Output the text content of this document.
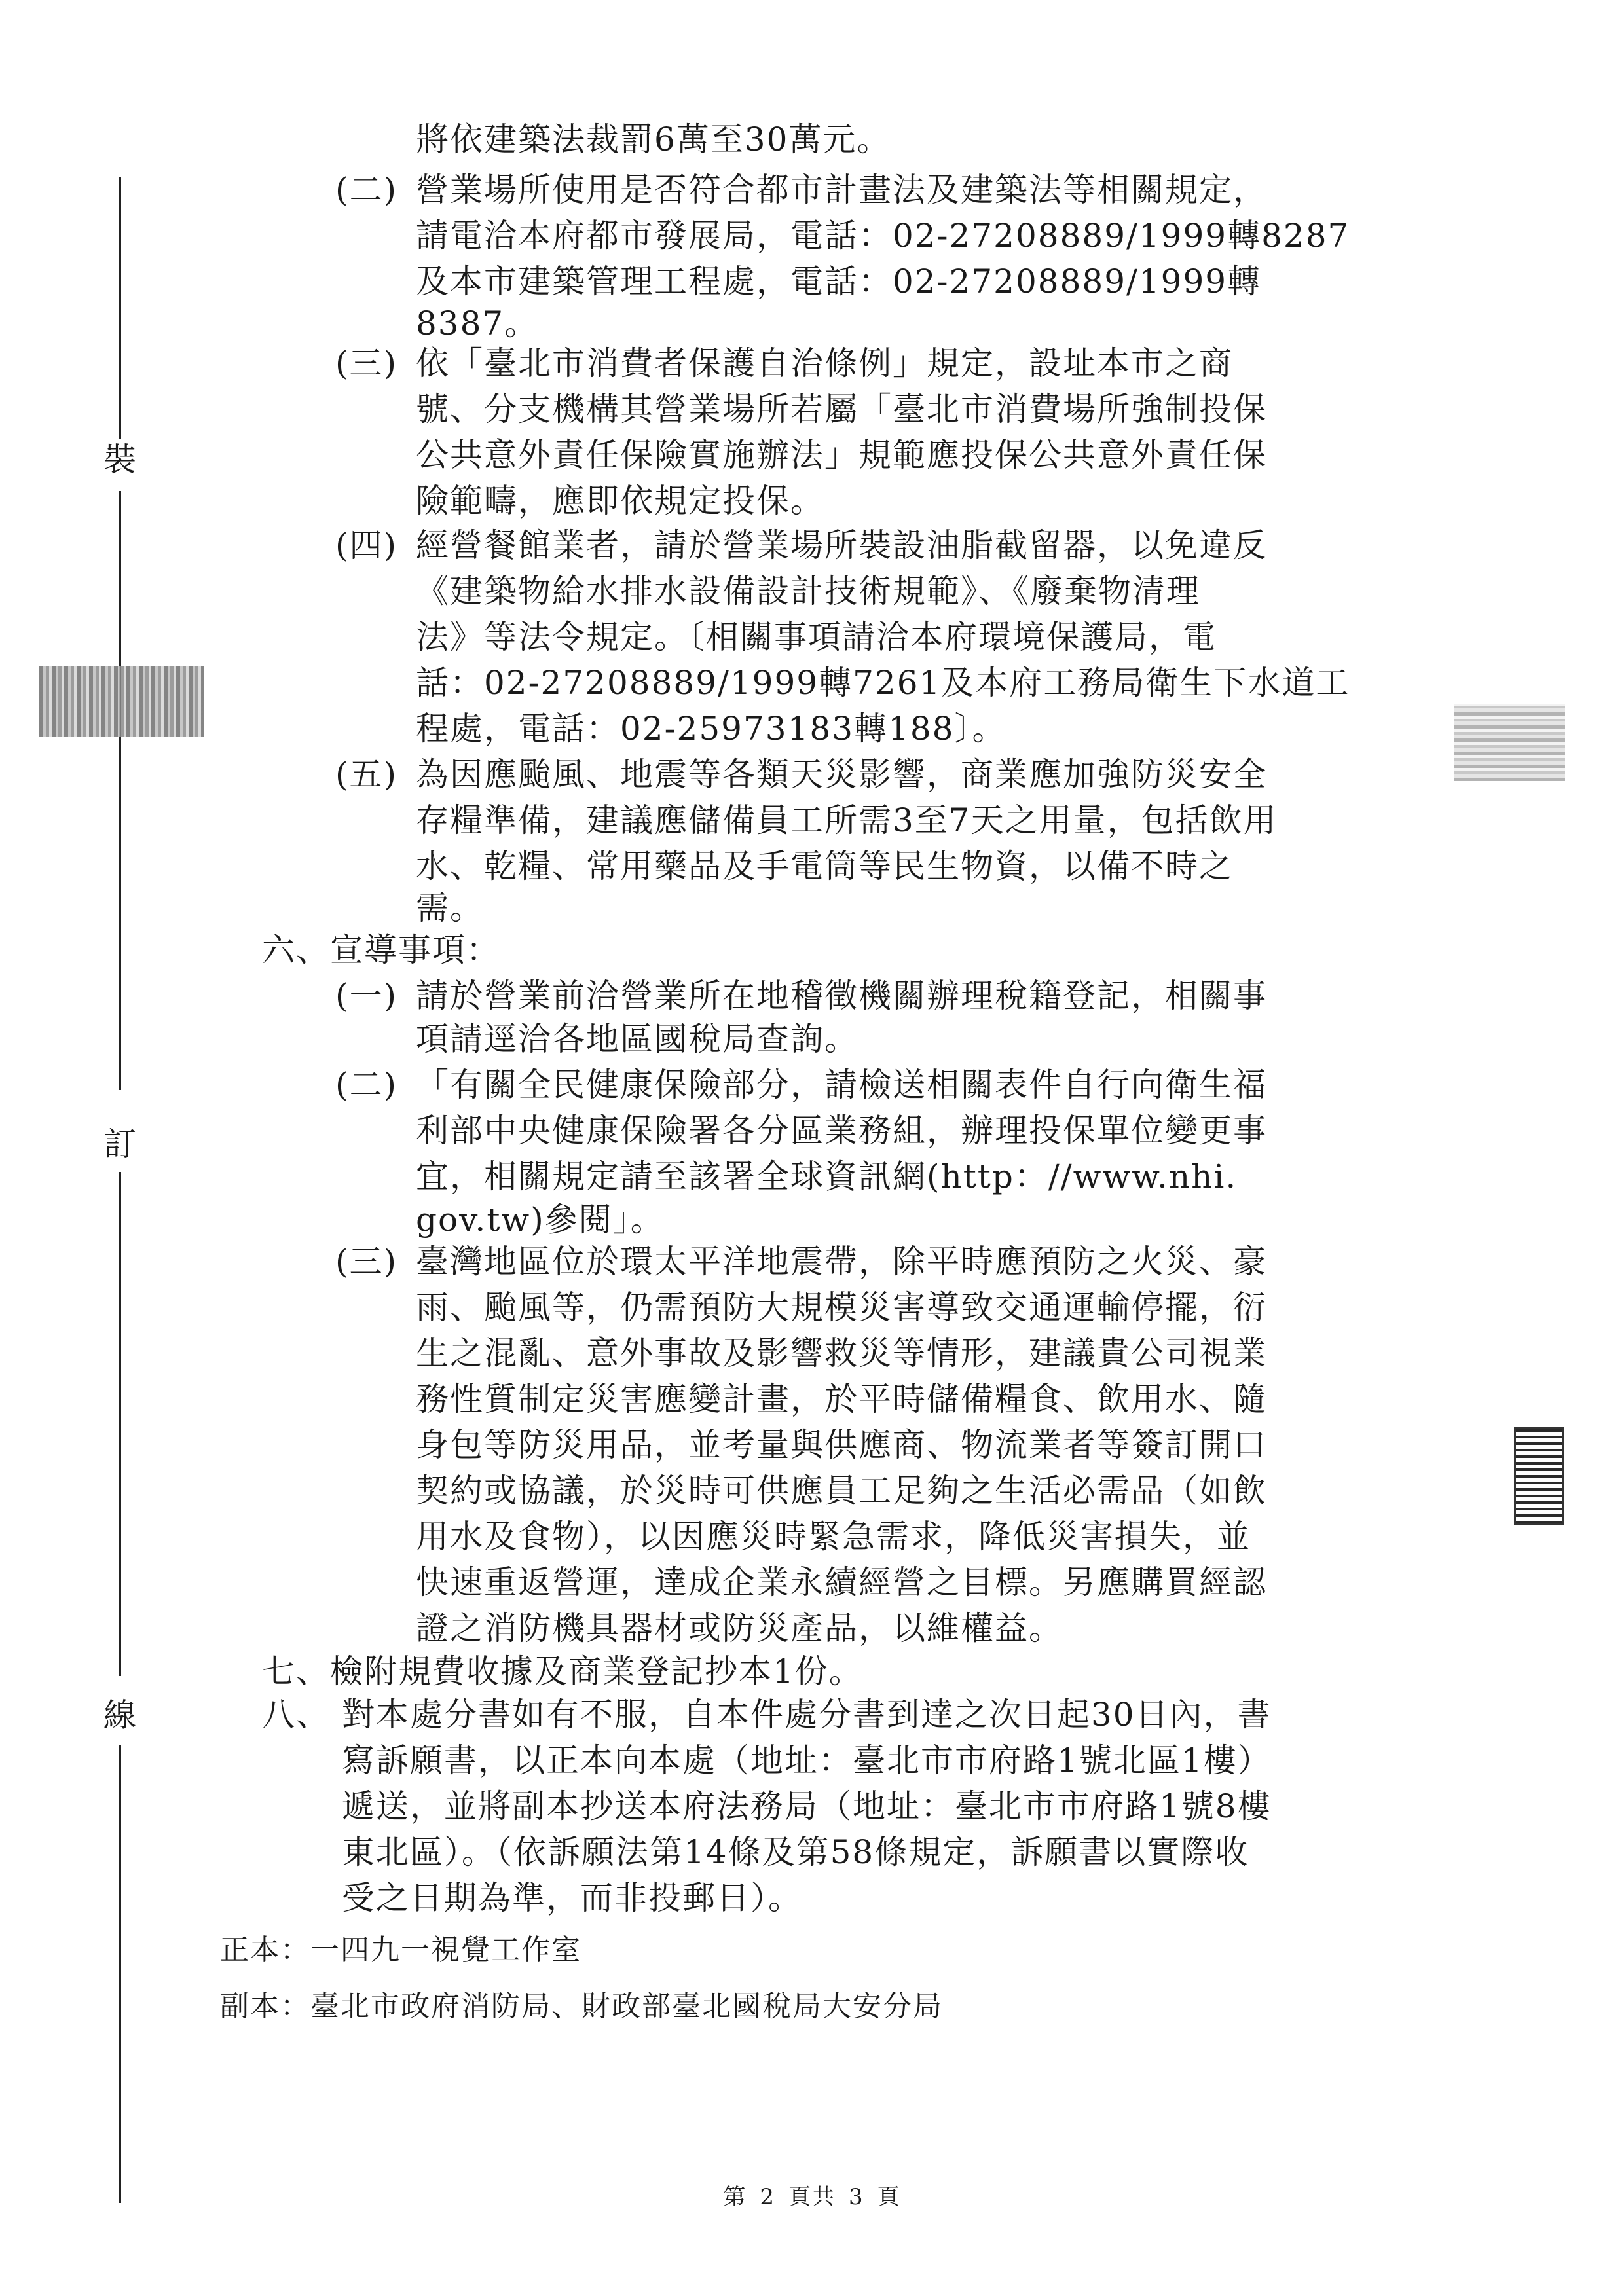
裝
訂
線
將依建築法裁罰6萬至30萬元。
(二) 營業場所使用是否符合都市計畫法及建築法等相關規定，
請電洽本府都市發展局，電話：02-27208889/1999轉8287
及本市建築管理工程處，電話：02-27208889/1999轉
8387。
(三) 依「臺北市消費者保護自治條例」規定，設址本市之商
號、分支機構其營業場所若屬「臺北市消費場所強制投保
公共意外責任保險實施辦法」規範應投保公共意外責任保
險範疇，應即依規定投保。
(四) 經營餐館業者，請於營業場所裝設油脂截留器，以免違反
《建築物給水排水設備設計技術規範》、《廢棄物清理
法》等法令規定。〔相關事項請洽本府環境保護局，電
話：02-27208889/1999轉7261及本府工務局衛生下水道工
程處，電話：02-25973183轉188〕。
(五) 為因應颱風、地震等各類天災影響，商業應加強防災安全
存糧準備，建議應儲備員工所需3至7天之用量，包括飲用
水、乾糧、常用藥品及手電筒等民生物資，以備不時之
需。
六、宣導事項：
(一) 請於營業前洽營業所在地稽徵機關辦理稅籍登記，相關事
項請逕洽各地區國稅局查詢。
(二) 「有關全民健康保險部分，請檢送相關表件自行向衛生福
利部中央健康保險署各分區業務組，辦理投保單位變更事
宜，相關規定請至該署全球資訊網(http：//www.nhi.
gov.tw)參閱」。
(三) 臺灣地區位於環太平洋地震帶，除平時應預防之火災、豪
雨、颱風等，仍需預防大規模災害導致交通運輸停擺，衍
生之混亂、意外事故及影響救災等情形，建議貴公司視業
務性質制定災害應變計畫，於平時儲備糧食、飲用水、隨
身包等防災用品，並考量與供應商、物流業者等簽訂開口
契約或協議，於災時可供應員工足夠之生活必需品（如飲
用水及食物），以因應災時緊急需求，降低災害損失，並
快速重返營運，達成企業永續經營之目標。另應購買經認
證之消防機具器材或防災產品，以維權益。
七、檢附規費收據及商業登記抄本1份。
八、 對本處分書如有不服，自本件處分書到達之次日起30日內，書
寫訴願書，以正本向本處（地址：臺北市市府路1號北區1樓）
遞送，並將副本抄送本府法務局（地址：臺北市市府路1號8樓
東北區）。（依訴願法第14條及第58條規定，訴願書以實際收
受之日期為準，而非投郵日）。
正本：一四九一視覺工作室
副本：臺北市政府消防局、財政部臺北國稅局大安分局
第 2 頁共 3 頁
